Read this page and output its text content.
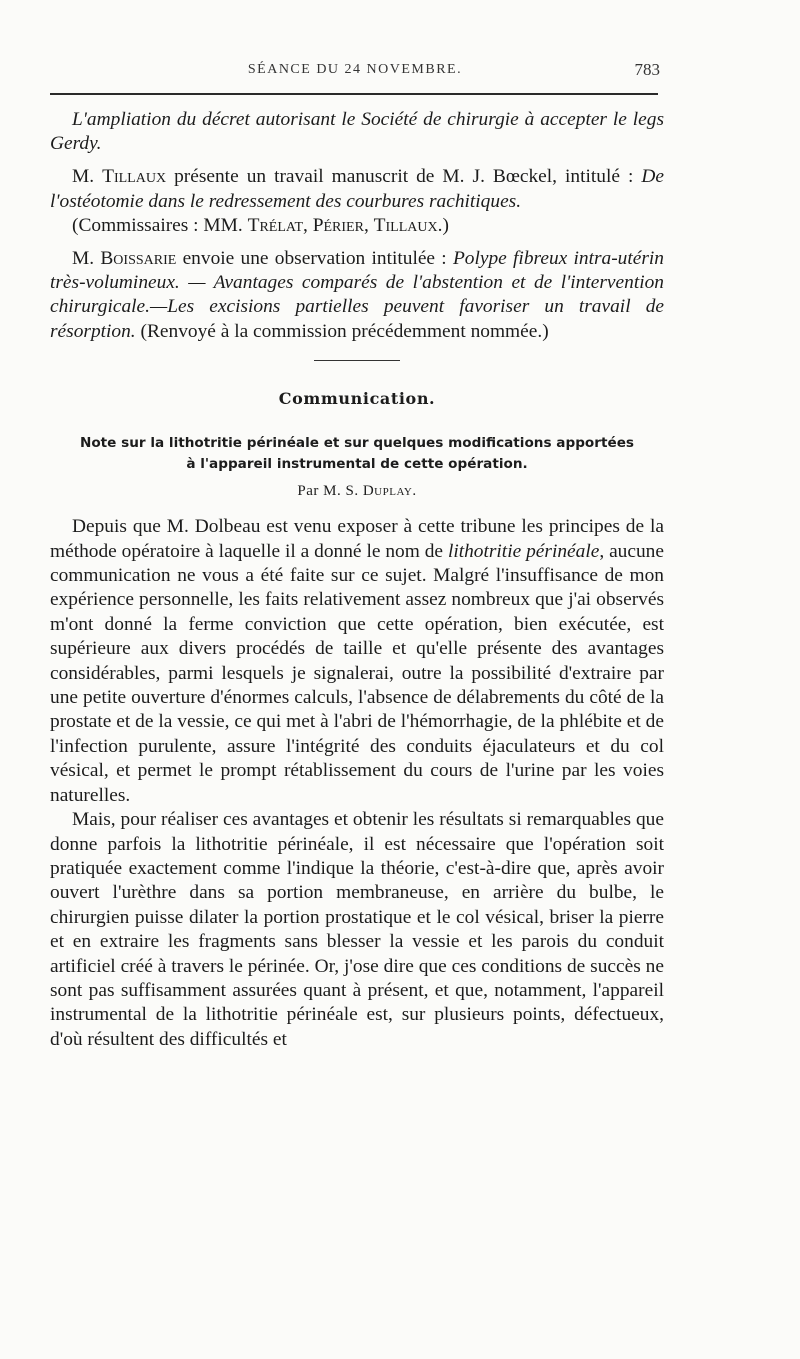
SÉANCE DU 24 NOVEMBRE.	783

L'ampliation du décret autorisant le Société de chirurgie à accepter le legs Gerdy.

M. Tillaux présente un travail manuscrit de M. J. Bœckel, intitulé : De l'ostéotomie dans le redressement des courbures rachitiques.

(Commissaires : MM. Trélat, Périer, Tillaux.)

M. Boissarie envoie une observation intitulée : Polype fibreux intra-utérin très-volumineux. — Avantages comparés de l'abstention et de l'intervention chirurgicale.—Les excisions partielles peuvent favoriser un travail de résorption. (Renvoyé à la commission précédemment nommée.)

Communication.
Note sur la lithotritie périnéale et sur quelques modifications apportées
à l'appareil instrumental de cette opération.
Par M. S. Duplay.

Depuis que M. Dolbeau est venu exposer à cette tribune les principes de la méthode opératoire à laquelle il a donné le nom de lithotritie périnéale, aucune communication ne vous a été faite sur ce sujet. Malgré l'insuffisance de mon expérience personnelle, les faits relativement assez nombreux que j'ai observés m'ont donné la ferme conviction que cette opération, bien exécutée, est supérieure aux divers procédés de taille et qu'elle présente des avantages considérables, parmi lesquels je signalerai, outre la possibilité d'extraire par une petite ouverture d'énormes calculs, l'absence de délabrements du côté de la prostate et de la vessie, ce qui met à l'abri de l'hémorrhagie, de la phlébite et de l'infection purulente, assure l'intégrité des conduits éjaculateurs et du col vésical, et permet le prompt rétablissement du cours de l'urine par les voies naturelles.

Mais, pour réaliser ces avantages et obtenir les résultats si remarquables que donne parfois la lithotritie périnéale, il est nécessaire que l'opération soit pratiquée exactement comme l'indique la théorie, c'est-à-dire que, après avoir ouvert l'urèthre dans sa portion membraneuse, en arrière du bulbe, le chirurgien puisse dilater la portion prostatique et le col vésical, briser la pierre et en extraire les fragments sans blesser la vessie et les parois du conduit artificiel créé à travers le périnée. Or, j'ose dire que ces conditions de succès ne sont pas suffisamment assurées quant à présent, et que, notamment, l'appareil instrumental de la lithotritie périnéale est, sur plusieurs points, défectueux, d'où résultent des difficultés et
